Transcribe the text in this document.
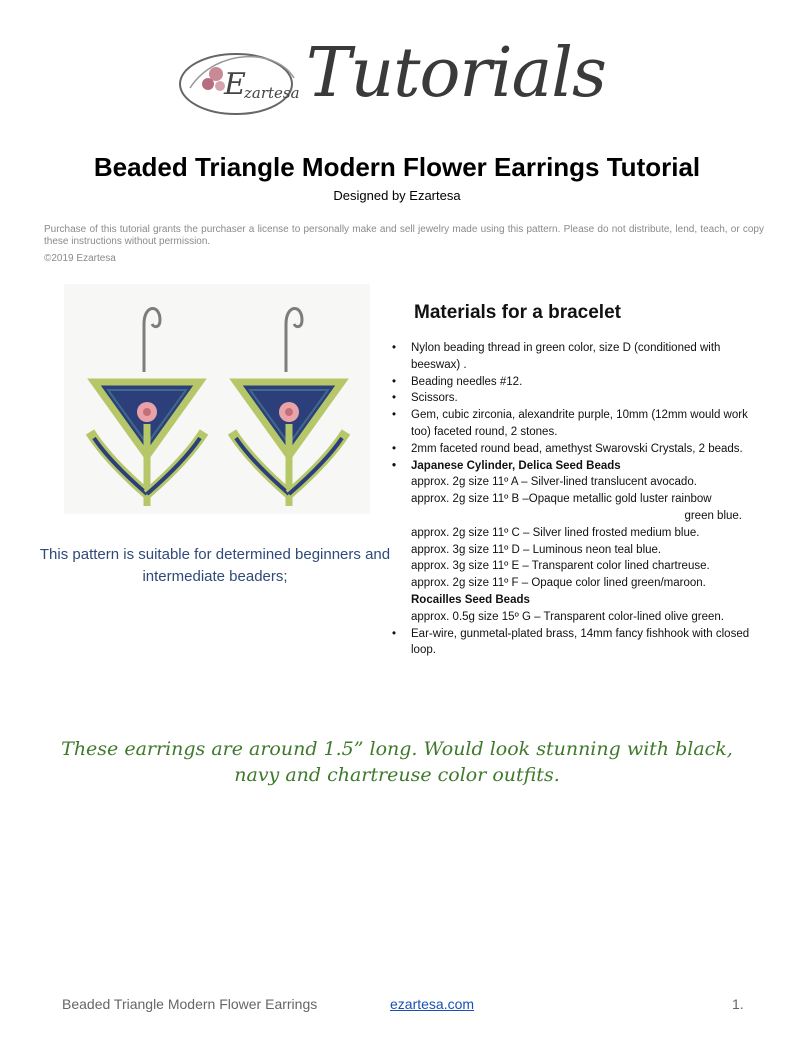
E
zartesa Tutorials
Beaded Triangle Modern Flower Earrings Tutorial
Designed by Ezartesa
Purchase of this tutorial grants the purchaser a license to personally make and sell jewelry made using this pattern. Please do not distribute, lend, teach, or copy these instructions without permission.
©2019 Ezartesa
This pattern is suitable for determined beginners and intermediate beaders;
Materials for a bracelet
• Nylon beading thread in green color, size D (conditioned with beeswax) .
• Beading needles #12.
• Scissors.
• Gem, cubic zirconia, alexandrite purple, 10mm (12mm would work too) faceted round, 2 stones.
• 2mm faceted round bead, amethyst Swarovski Crystals, 2 beads.
• Japanese Cylinder, Delica Seed Beads
approx. 2g size 11º A – Silver-lined translucent avocado.
approx. 2g size 11º B –Opaque metallic gold luster rainbow
green blue.
approx. 2g size 11º C – Silver lined frosted medium blue.
approx. 3g size 11º D – Luminous neon teal blue.
approx. 3g size 11º E – Transparent color lined chartreuse.
approx. 2g size 11º F – Opaque color lined green/maroon.
Rocailles Seed Beads
approx. 0.5g size 15º G – Transparent color-lined olive green.
• Ear-wire, gunmetal-plated brass, 14mm fancy fishhook with closed loop.
These earrings are around 1.5” long. Would look stunning with black, navy and chartreuse color outfits.
Beaded Triangle Modern Flower Earrings	ezartesa.com	1.
